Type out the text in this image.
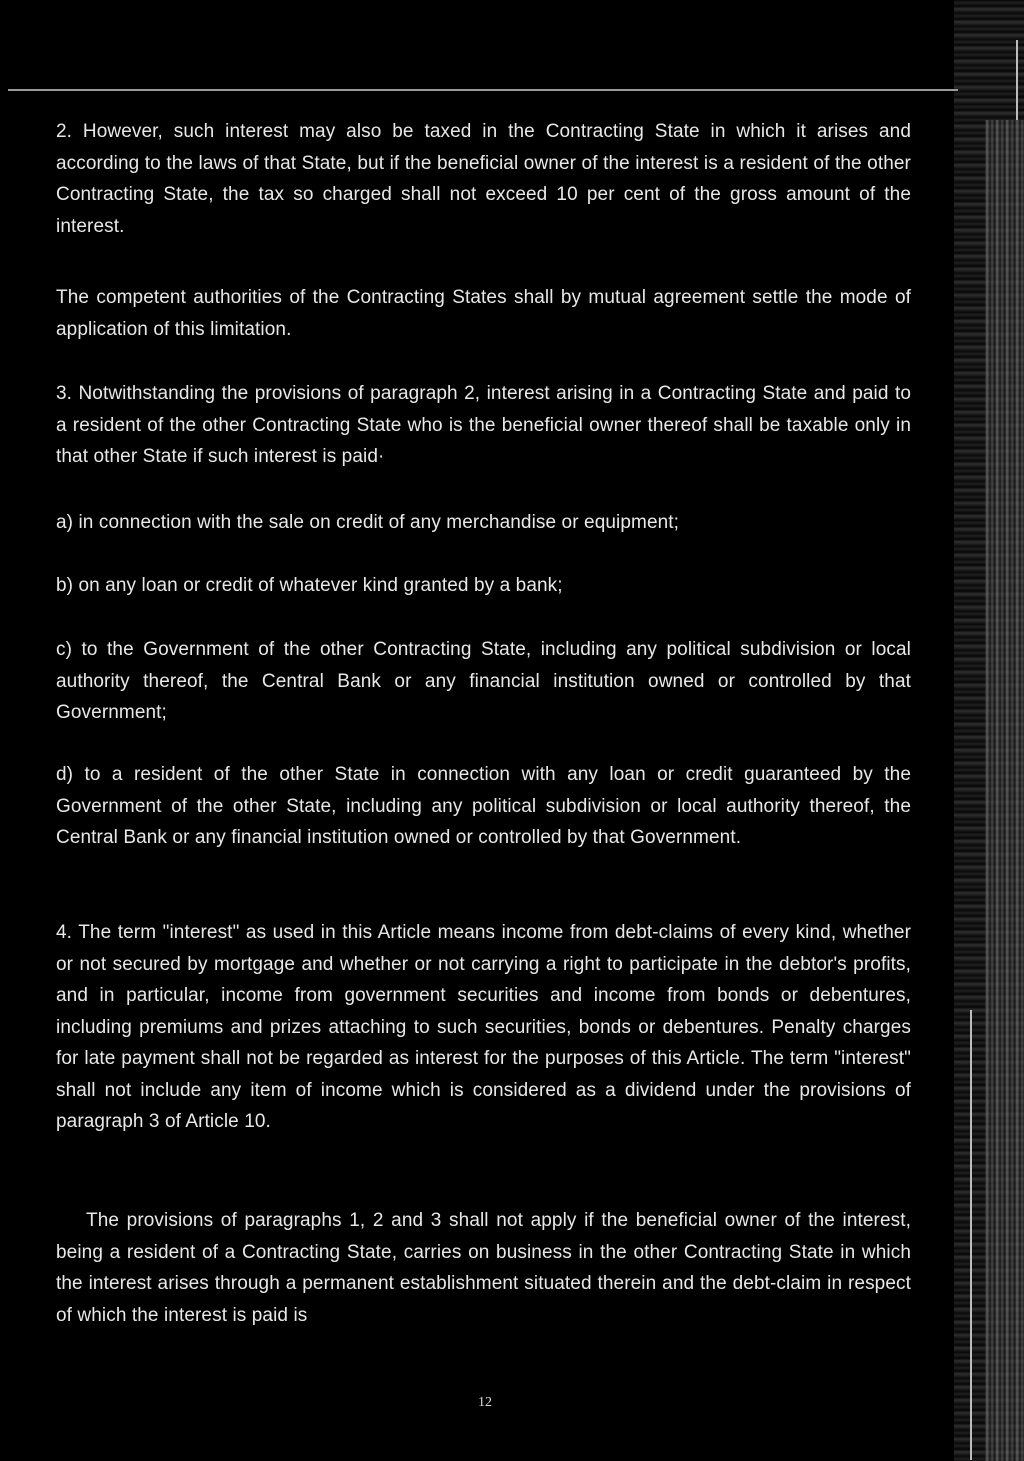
2. However, such interest may also be taxed in the Contracting State in which it arises and according to the laws of that State, but if the beneficial owner of the interest is a resident of the other Contracting State, the tax so charged shall not exceed 10 per cent of the gross amount of the interest.

The competent authorities of the Contracting States shall by mutual agreement settle the mode of application of this limitation.

3. Notwithstanding the provisions of paragraph 2, interest arising in a Contracting State and paid to a resident of the other Contracting State who is the beneficial owner thereof shall be taxable only in that other State if such interest is paid·

a) in connection with the sale on credit of any merchandise or equipment;

b) on any loan or credit of whatever kind granted by a bank;

c) to the Government of the other Contracting State, including any political subdivision or local authority thereof, the Central Bank or any financial institution owned or controlled by that Government;

d) to a resident of the other State in connection with any loan or credit guaranteed by the Government of the other State, including any political subdivision or local authority thereof, the Central Bank or any financial institution owned or controlled by that Government.

4. The term "interest" as used in this Article means income from debt-claims of every kind, whether or not secured by mortgage and whether or not carrying a right to participate in the debtor's profits, and in particular, income from government securities and income from bonds or debentures, including premiums and prizes attaching to such securities, bonds or debentures. Penalty charges for late payment shall not be regarded as interest for the purposes of this Article. The term "interest" shall not include any item of income which is considered as a dividend under the provisions of paragraph 3 of Article 10.

The provisions of paragraphs 1, 2 and 3 shall not apply if the beneficial owner of the interest, being a resident of a Contracting State, carries on business in the other Contracting State in which the interest arises through a permanent establishment situated therein and the debt-claim in respect of which the interest is paid is

12
